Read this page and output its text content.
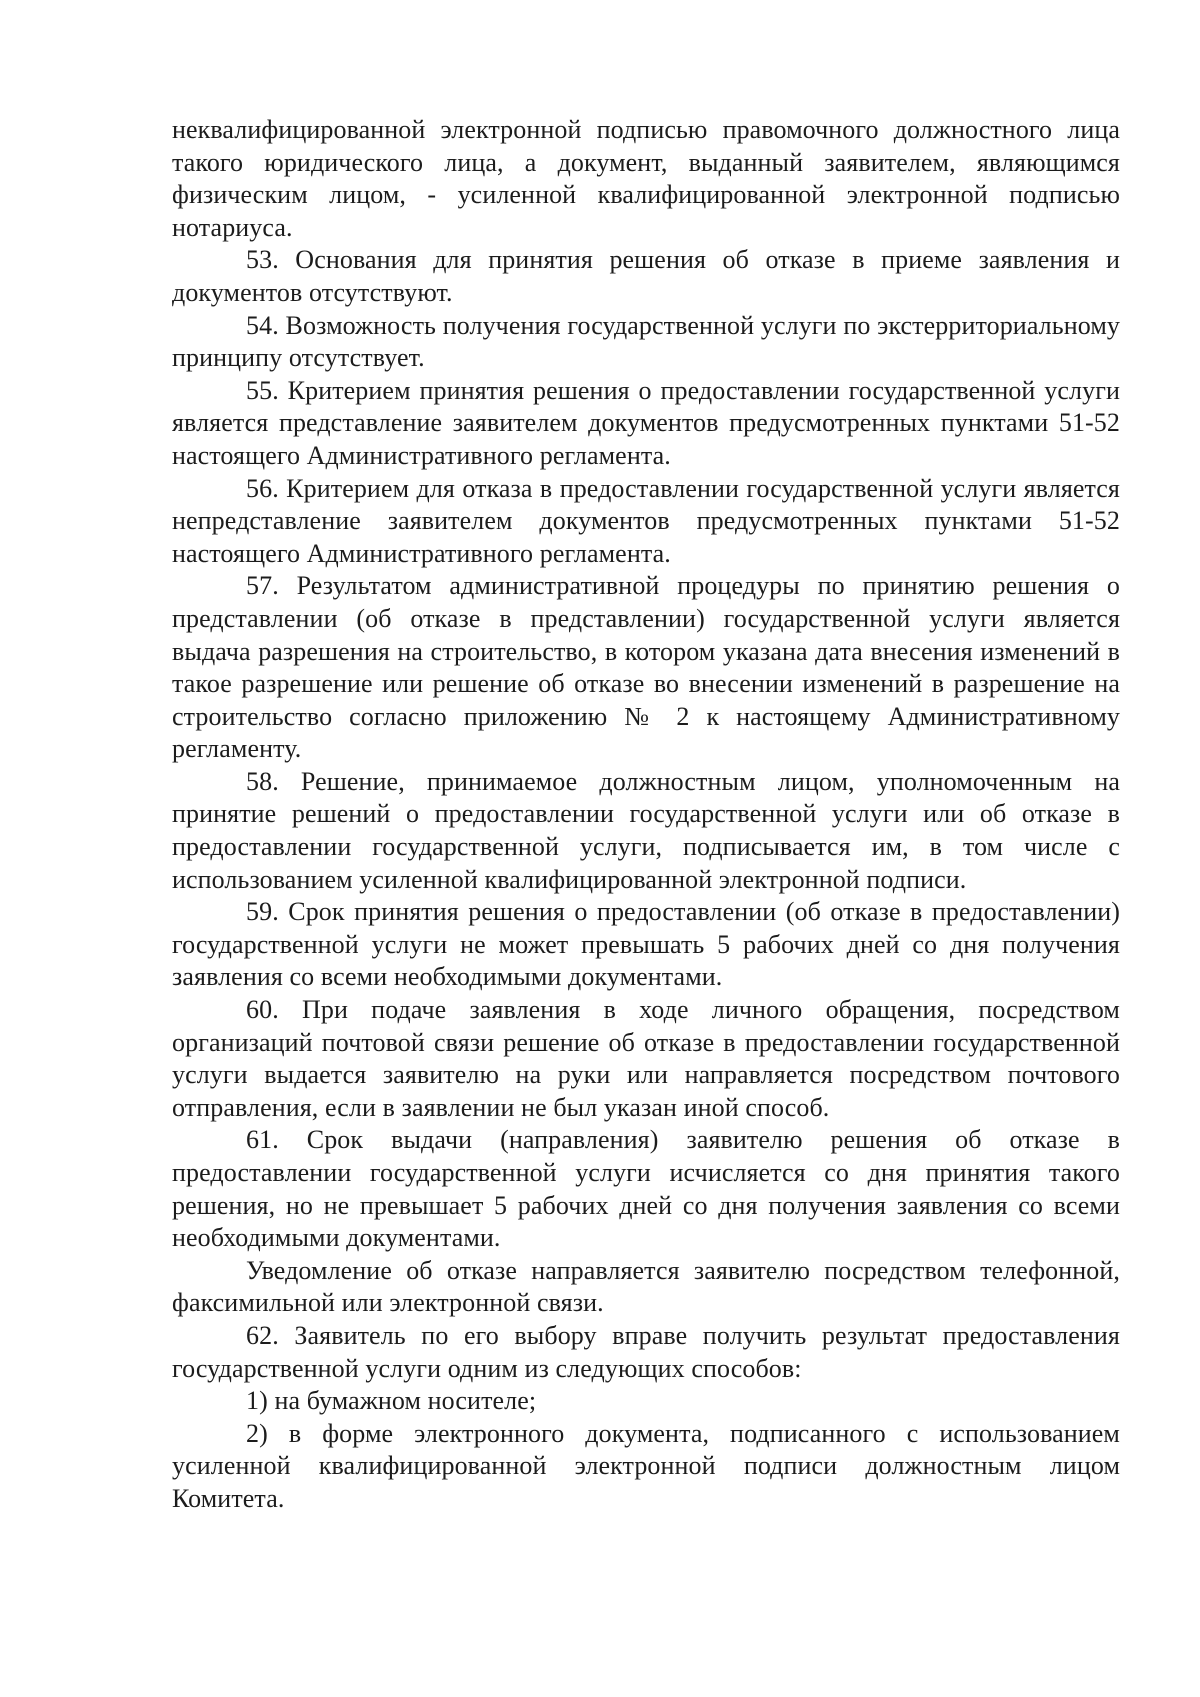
неквалифицированной электронной подписью правомочного должностного лица такого юридического лица, а документ, выданный заявителем, являющимся физическим лицом, - усиленной квалифицированной электронной подписью нотариуса.

53. Основания для принятия решения об отказе в приеме заявления и документов отсутствуют.

54. Возможность получения государственной услуги по экстерриториальному принципу отсутствует.

55. Критерием принятия решения о предоставлении государственной услуги является представление заявителем документов предусмотренных пунктами 51-52 настоящего Административного регламента.

56. Критерием для отказа в предоставлении государственной услуги является непредставление заявителем документов предусмотренных пунктами 51-52 настоящего Административного регламента.

57. Результатом административной процедуры по принятию решения о представлении (об отказе в представлении) государственной услуги является выдача разрешения на строительство, в котором указана дата внесения изменений в такое разрешение или решение об отказе во внесении изменений в разрешение на строительство согласно приложению № 2 к настоящему Административному регламенту.

58. Решение, принимаемое должностным лицом, уполномоченным на принятие решений о предоставлении государственной услуги или об отказе в предоставлении государственной услуги, подписывается им, в том числе с использованием усиленной квалифицированной электронной подписи.

59. Срок принятия решения о предоставлении (об отказе в предоставлении) государственной услуги не может превышать 5 рабочих дней со дня получения заявления со всеми необходимыми документами.

60. При подаче заявления в ходе личного обращения, посредством организаций почтовой связи решение об отказе в предоставлении государственной услуги выдается заявителю на руки или направляется посредством почтового отправления, если в заявлении не был указан иной способ.

61. Срок выдачи (направления) заявителю решения об отказе в предоставлении государственной услуги исчисляется со дня принятия такого решения, но не превышает 5 рабочих дней со дня получения заявления со всеми необходимыми документами.

Уведомление об отказе направляется заявителю посредством телефонной, факсимильной или электронной связи.

62. Заявитель по его выбору вправе получить результат предоставления государственной услуги одним из следующих способов:

1) на бумажном носителе;

2) в форме электронного документа, подписанного с использованием усиленной квалифицированной электронной подписи должностным лицом Комитета.
